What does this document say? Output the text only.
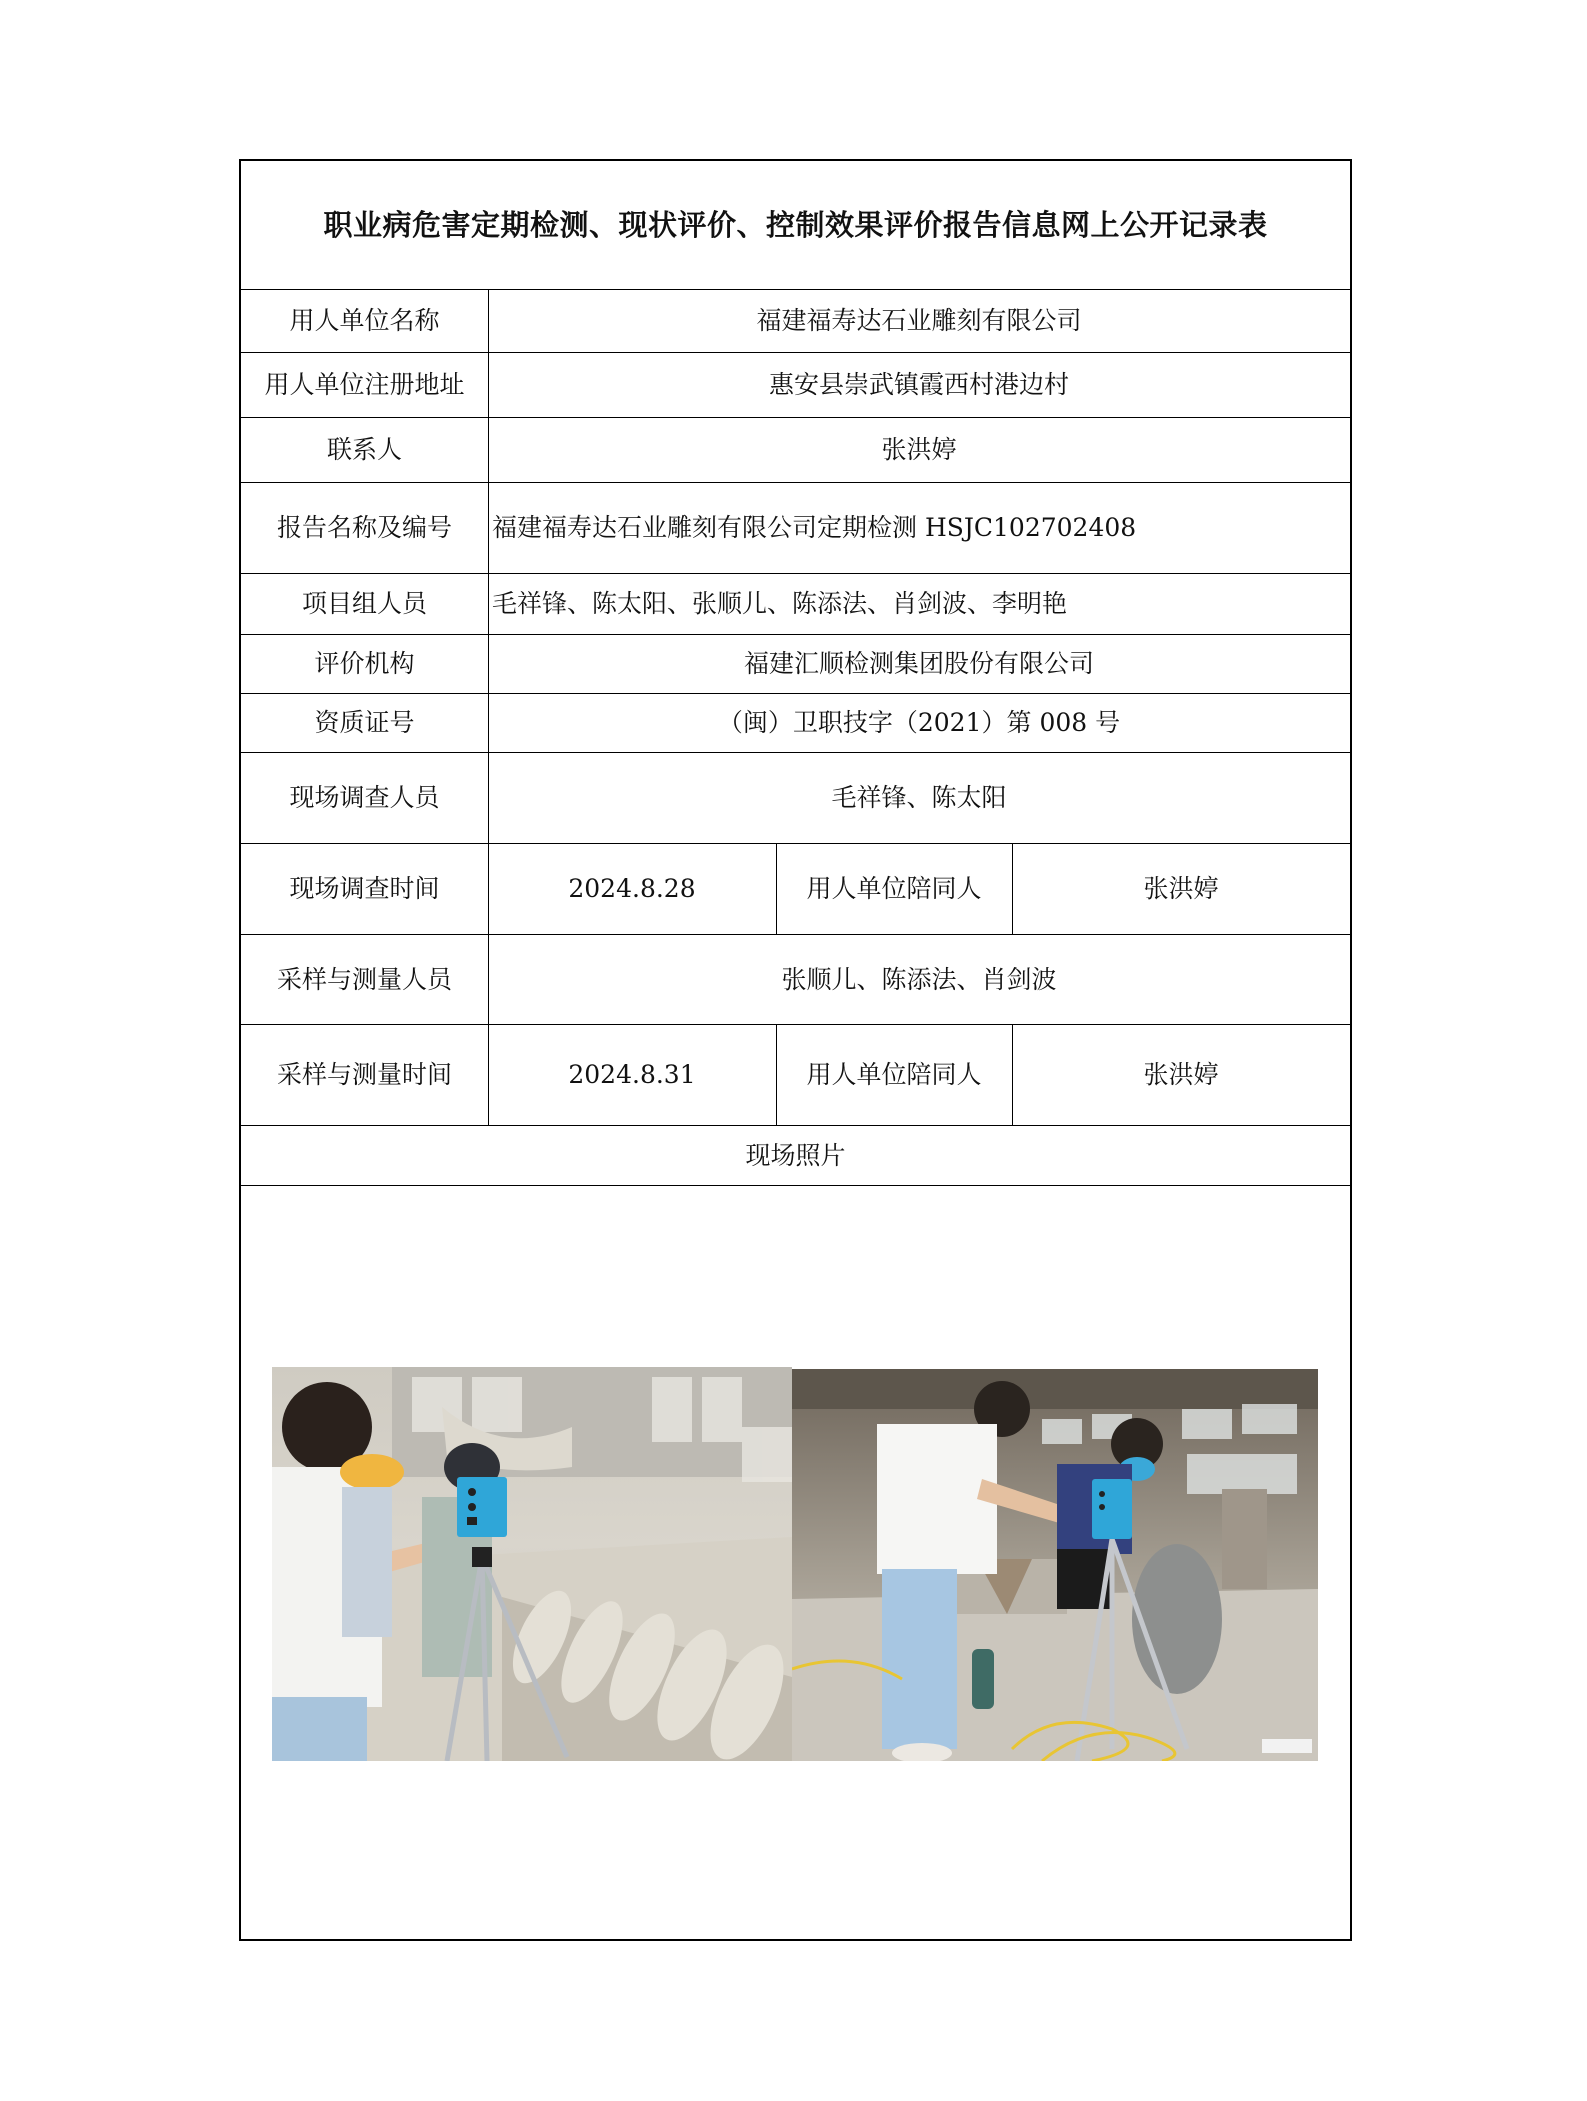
职业病危害定期检测、现状评价、控制效果评价报告信息网上公开记录表
用人单位名称	福建福寿达石业雕刻有限公司
用人单位注册地址	惠安县崇武镇霞西村港边村
联系人	张洪婷
报告名称及编号	福建福寿达石业雕刻有限公司定期检测 HSJC102702408
项目组人员	毛祥锋、陈太阳、张顺儿、陈添法、肖剑波、李明艳
评价机构	福建汇顺检测集团股份有限公司
资质证号	（闽）卫职技字（2021）第 008 号
现场调查人员	毛祥锋、陈太阳
现场调查时间	2024.8.28	用人单位陪同人	张洪婷
采样与测量人员	张顺儿、陈添法、肖剑波
采样与测量时间	2024.8.31	用人单位陪同人	张洪婷
现场照片
